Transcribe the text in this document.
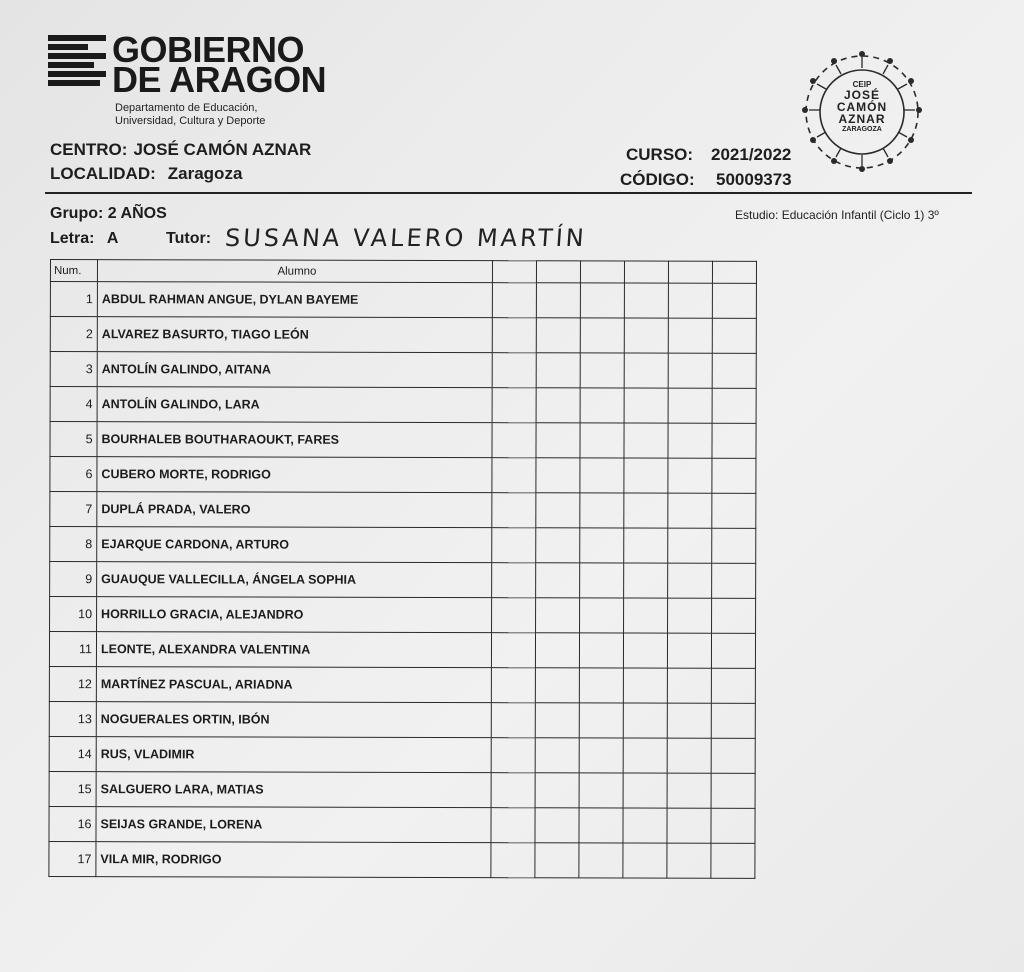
GOBIERNO
DE ARAGON
Departamento de Educación,
Universidad, Cultura y Deporte
CENTRO: JOSÉ CAMÓN AZNAR
LOCALIDAD: Zaragoza
CURSO: 2021/2022
CÓDIGO: 50009373
CEIP
JOSÉ
CAMÓN
AZNAR
ZARAGOZA
Grupo: 2 AÑOS
Letra: A	Tutor: SUSANA VALERO MARTÍN
Estudio: Educación Infantil (Ciclo 1) 3º
Num.	Alumno						
1	ABDUL RAHMAN ANGUE, DYLAN BAYEME						
2	ALVAREZ BASURTO, TIAGO LEÓN						
3	ANTOLÍN GALINDO, AITANA						
4	ANTOLÍN GALINDO, LARA						
5	BOURHALEB BOUTHARAOUKT, FARES						
6	CUBERO MORTE, RODRIGO						
7	DUPLÁ PRADA, VALERO						
8	EJARQUE CARDONA, ARTURO						
9	GUAUQUE VALLECILLA, ÁNGELA SOPHIA						
10	HORRILLO GRACIA, ALEJANDRO						
11	LEONTE, ALEXANDRA VALENTINA						
12	MARTÍNEZ PASCUAL, ARIADNA						
13	NOGUERALES ORTIN, IBÓN						
14	RUS, VLADIMIR						
15	SALGUERO LARA, MATIAS						
16	SEIJAS GRANDE, LORENA						
17	VILA MIR, RODRIGO						
